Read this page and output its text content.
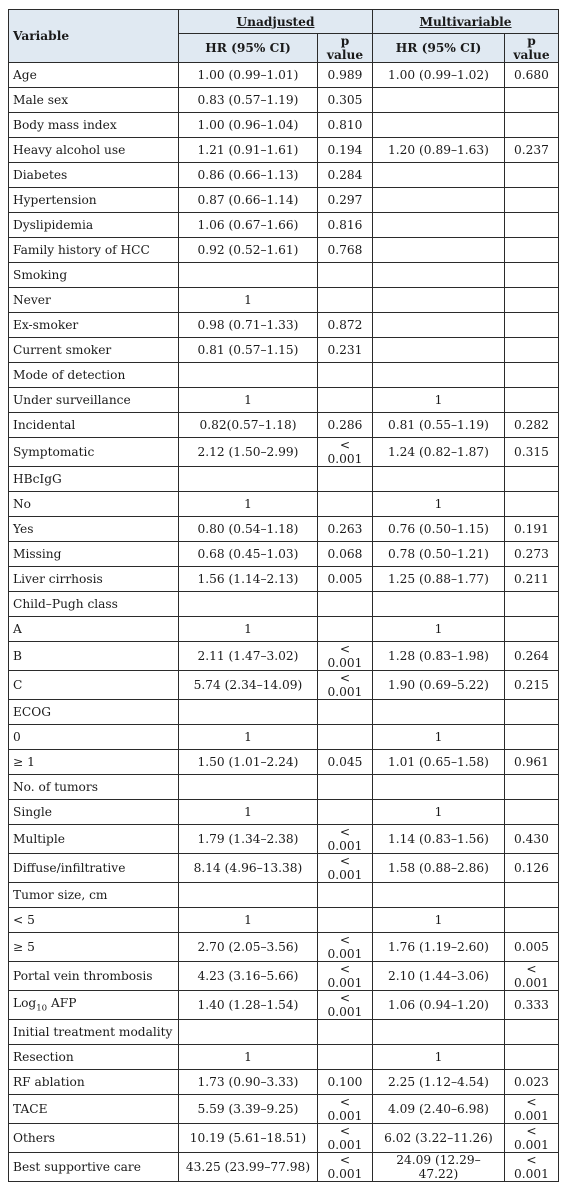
Variable	Unadjusted		Multivariable	
	HR (95% CI)	p value	HR (95% CI)	p value
Age	1.00 (0.99–1.01)	0.989	1.00 (0.99–1.02)	0.680
Male sex	0.83 (0.57–1.19)	0.305		
Body mass index	1.00 (0.96–1.04)	0.810		
Heavy alcohol use	1.21 (0.91–1.61)	0.194	1.20 (0.89–1.63)	0.237
Diabetes	0.86 (0.66–1.13)	0.284		
Hypertension	0.87 (0.66–1.14)	0.297		
Dyslipidemia	1.06 (0.67–1.66)	0.816		
Family history of HCC	0.92 (0.52–1.61)	0.768		
Smoking				
Never	1			
Ex-smoker	0.98 (0.71–1.33)	0.872		
Current smoker	0.81 (0.57–1.15)	0.231		
Mode of detection				
Under surveillance	1		1	
Incidental	0.82(0.57–1.18)	0.286	0.81 (0.55–1.19)	0.282
Symptomatic	2.12 (1.50–2.99)	< 0.001	1.24 (0.82–1.87)	0.315
HBcIgG				
No	1		1	
Yes	0.80 (0.54–1.18)	0.263	0.76 (0.50–1.15)	0.191
Missing	0.68 (0.45–1.03)	0.068	0.78 (0.50–1.21)	0.273
Liver cirrhosis	1.56 (1.14–2.13)	0.005	1.25 (0.88–1.77)	0.211
Child–Pugh class				
A	1		1	
B	2.11 (1.47–3.02)	< 0.001	1.28 (0.83–1.98)	0.264
C	5.74 (2.34–14.09)	< 0.001	1.90 (0.69–5.22)	0.215
ECOG				
0	1		1	
≥ 1	1.50 (1.01–2.24)	0.045	1.01 (0.65–1.58)	0.961
No. of tumors				
Single	1		1	
Multiple	1.79 (1.34–2.38)	< 0.001	1.14 (0.83–1.56)	0.430
Diffuse/infiltrative	8.14 (4.96–13.38)	< 0.001	1.58 (0.88–2.86)	0.126
Tumor size, cm				
< 5	1		1	
≥ 5	2.70 (2.05–3.56)	< 0.001	1.76 (1.19–2.60)	0.005
Portal vein thrombosis	4.23 (3.16–5.66)	< 0.001	2.10 (1.44–3.06)	< 0.001
Log$_{10}$ AFP	1.40 (1.28–1.54)	< 0.001	1.06 (0.94–1.20)	0.333
Initial treatment modality				
Resection	1		1	
RF ablation	1.73 (0.90–3.33)	0.100	2.25 (1.12–4.54)	0.023
TACE	5.59 (3.39–9.25)	< 0.001	4.09 (2.40–6.98)	< 0.001
Others	10.19 (5.61–18.51)	< 0.001	6.02 (3.22–11.26)	< 0.001
Best supportive care	43.25 (23.99–77.98)	< 0.001	24.09 (12.29–47.22)	< 0.001
